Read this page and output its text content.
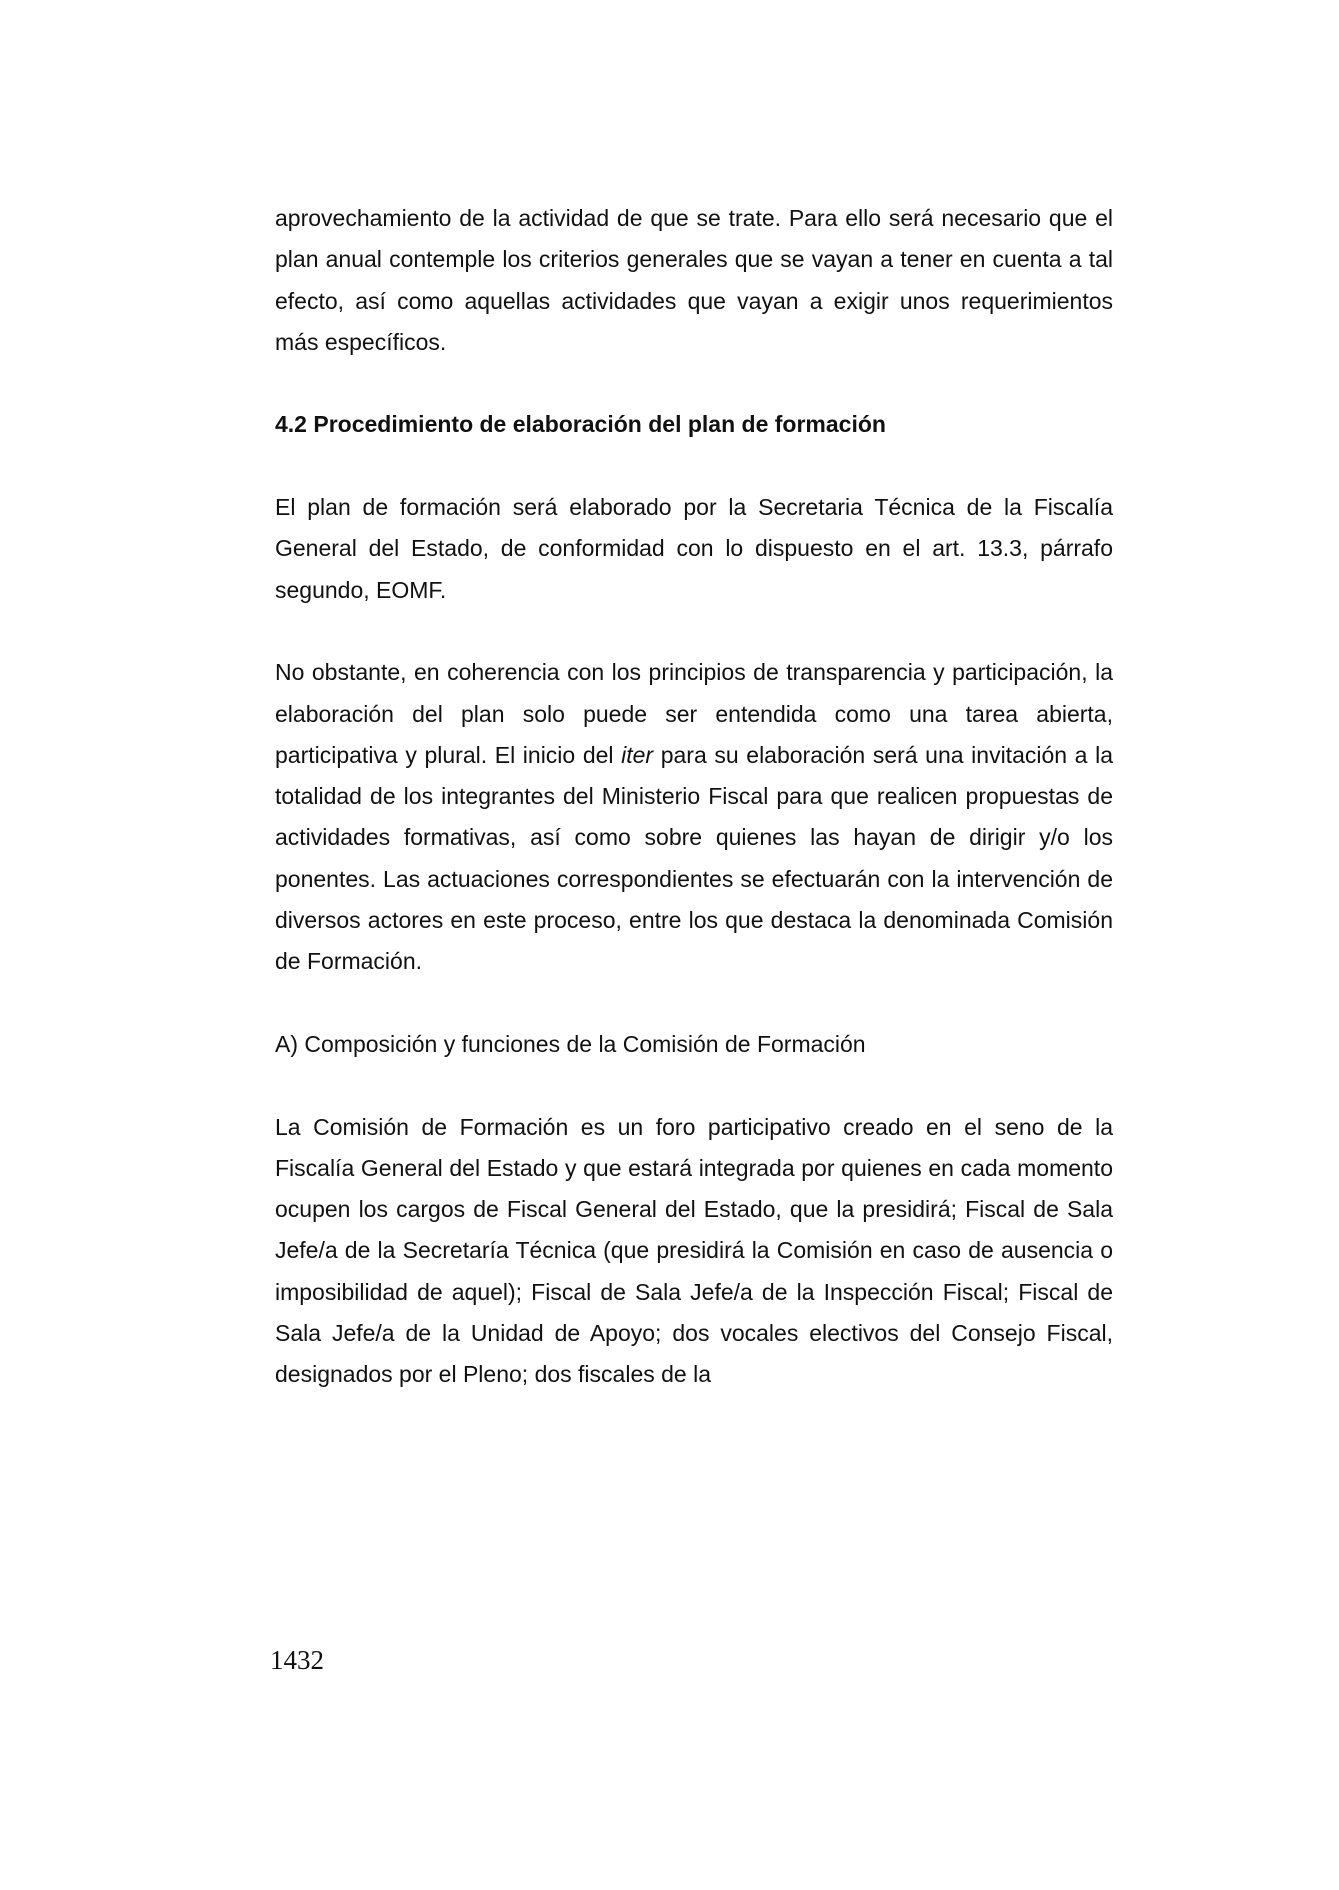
aprovechamiento de la actividad de que se trate. Para ello será necesario que el plan anual contemple los criterios generales que se vayan a tener en cuenta a tal efecto, así como aquellas actividades que vayan a exigir unos requerimientos más específicos.

4.2 Procedimiento de elaboración del plan de formación

El plan de formación será elaborado por la Secretaria Técnica de la Fiscalía General del Estado, de conformidad con lo dispuesto en el art. 13.3, párrafo segundo, EOMF.

No obstante, en coherencia con los principios de transparencia y participación, la elaboración del plan solo puede ser entendida como una tarea abierta, participativa y plural. El inicio del iter para su elaboración será una invitación a la totalidad de los integrantes del Ministerio Fiscal para que realicen propuestas de actividades formativas, así como sobre quienes las hayan de dirigir y/o los ponentes. Las actuaciones correspondientes se efectuarán con la intervención de diversos actores en este proceso, entre los que destaca la denominada Comisión de Formación.

A) Composición y funciones de la Comisión de Formación

La Comisión de Formación es un foro participativo creado en el seno de la Fiscalía General del Estado y que estará integrada por quienes en cada momento ocupen los cargos de Fiscal General del Estado, que la presidirá; Fiscal de Sala Jefe/a de la Secretaría Técnica (que presidirá la Comisión en caso de ausencia o imposibilidad de aquel); Fiscal de Sala Jefe/a de la Inspección Fiscal; Fiscal de Sala Jefe/a de la Unidad de Apoyo; dos vocales electivos del Consejo Fiscal, designados por el Pleno; dos fiscales de la

1432
